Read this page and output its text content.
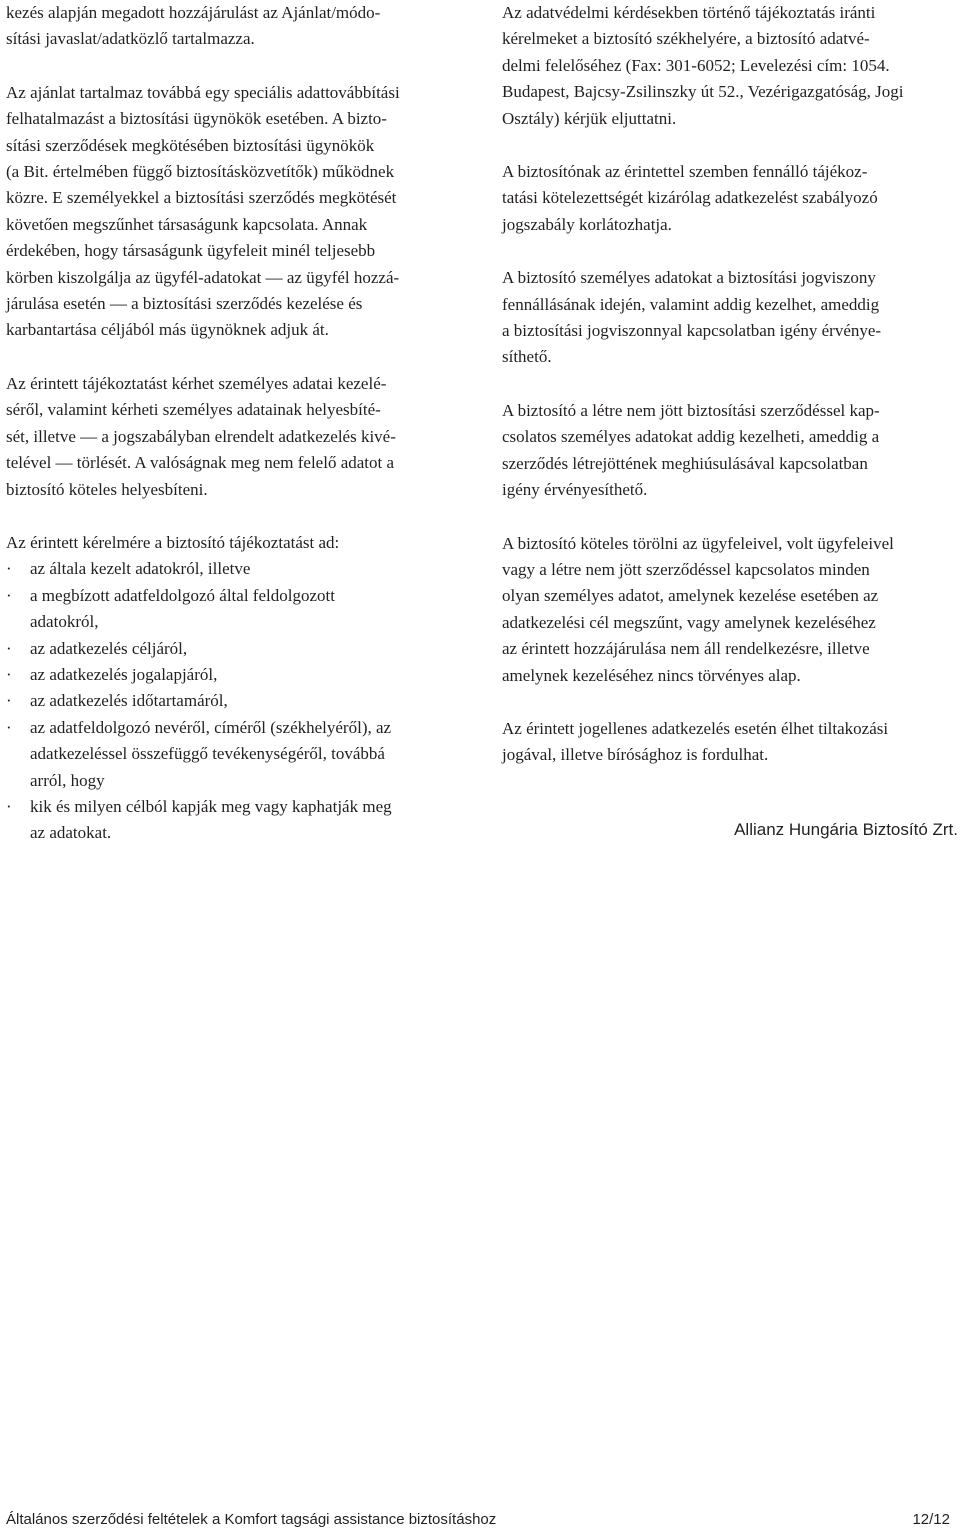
kezés alapján megadott hozzájárulást az Ajánlat/módo-

sítási javaslat/adatközlő tartalmazza.

Az ajánlat tartalmaz továbbá egy speciális adattovábbítási

felhatalmazást a biztosítási ügynökök esetében. A bizto-

sítási szerződések megkötésében biztosítási ügynökök

(a Bit. értelmében függő biztosításközvetítők) működnek

közre. E személyekkel a biztosítási szerződés megkötését

követően megszűnhet társaságunk kapcsolata. Annak

érdekében, hogy társaságunk ügyfeleit minél teljesebb

körben kiszolgálja az ügyfél-adatokat — az ügyfél hozzá-

járulása esetén — a biztosítási szerződés kezelése és

karbantartása céljából más ügynöknek adjuk át.

Az érintett tájékoztatást kérhet személyes adatai kezelé-

séről, valamint kérheti személyes adatainak helyesbíté-

sét, illetve — a jogszabályban elrendelt adatkezelés kivé-

telével — törlését. A valóságnak meg nem felelő adatot a

biztosító köteles helyesbíteni.

Az érintett kérelmére a biztosító tájékoztatást ad:

·	az általa kezelt adatokról, illetve
·	a megbízott adatfeldolgozó által feldolgozott
adatokról,
·	az adatkezelés céljáról,
·	az adatkezelés jogalapjáról,
·	az adatkezelés időtartamáról,
·	az adatfeldolgozó nevéről, címéről (székhelyéről), az
adatkezeléssel összefüggő tevékenységéről, továbbá
arról, hogy
·	kik és milyen célból kapják meg vagy kaphatják meg
az adatokat.

Az adatvédelmi kérdésekben történő tájékoztatás iránti

kérelmeket a biztosító székhelyére, a biztosító adatvé-

delmi felelőséhez (Fax: 301-6052; Levelezési cím: 1054.

Budapest, Bajcsy-Zsilinszky út 52., Vezérigazgatóság, Jogi

Osztály) kérjük eljuttatni.

A biztosítónak az érintettel szemben fennálló tájékoz-

tatási kötelezettségét kizárólag adatkezelést szabályozó

jogszabály korlátozhatja.

A biztosító személyes adatokat a biztosítási jogviszony

fennállásának idején, valamint addig kezelhet, ameddig

a biztosítási jogviszonnyal kapcsolatban igény érvénye-

síthető.

A biztosító a létre nem jött biztosítási szerződéssel kap-

csolatos személyes adatokat addig kezelheti, ameddig a

szerződés létrejöttének meghiúsulásával kapcsolatban

igény érvényesíthető.

A biztosító köteles törölni az ügyfeleivel, volt ügyfeleivel

vagy a létre nem jött szerződéssel kapcsolatos minden

olyan személyes adatot, amelynek kezelése esetében az

adatkezelési cél megszűnt, vagy amelynek kezeléséhez

az érintett hozzájárulása nem áll rendelkezésre, illetve

amelynek kezeléséhez nincs törvényes alap.

Az érintett jogellenes adatkezelés esetén élhet tiltakozási

jogával, illetve bírósághoz is fordulhat.

Allianz Hungária Biztosító Zrt.
Általános szerződési feltételek a Komfort tagsági assistance biztosításhoz	12/12
